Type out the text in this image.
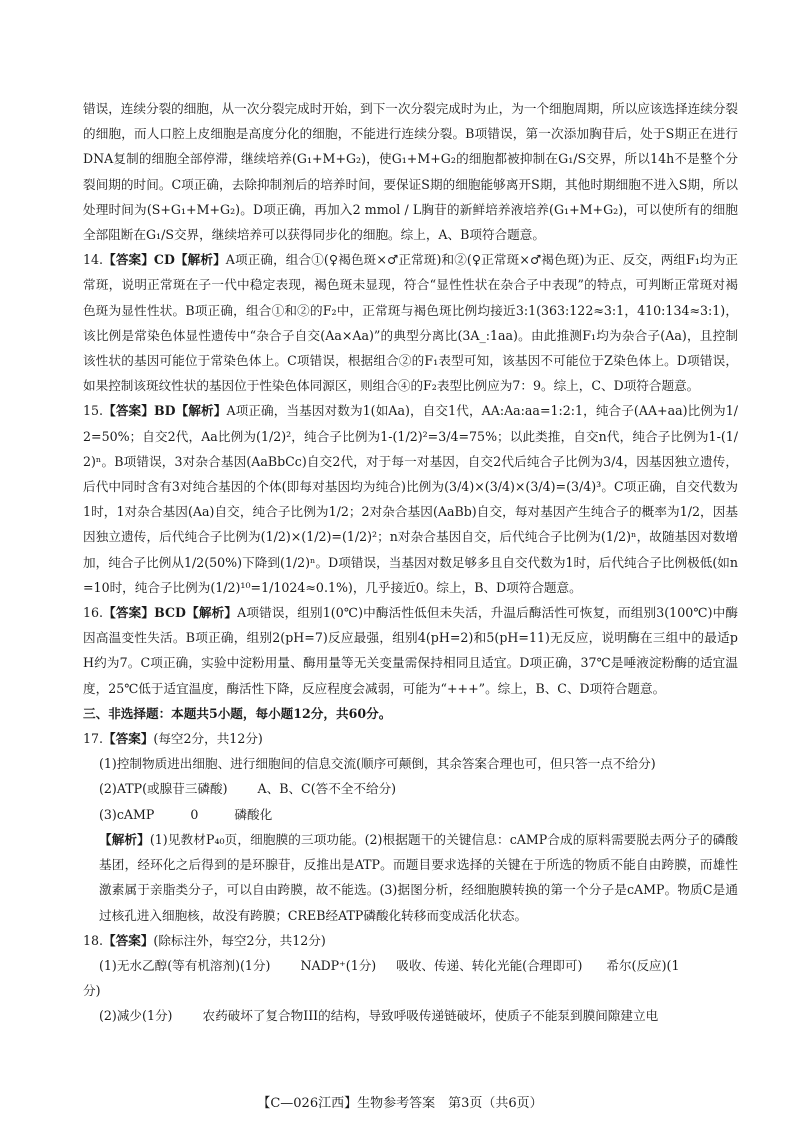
错误，连续分裂的细胞，从一次分裂完成时开始，到下一次分裂完成时为止，为一个细胞周期，所以应该选择连续分裂的细胞，而人口腔上皮细胞是高度分化的细胞，不能进行连续分裂。B项错误，第一次添加胸苷后，处于S期正在进行DNA复制的细胞全部停滞，继续培养(G₁+M+G₂)，使G₁+M+G₂的细胞都被抑制在G₁/S交界，所以14h不是整个分裂间期的时间。C项正确，去除抑制剂后的培养时间，要保证S期的细胞能够离开S期，其他时期细胞不进入S期，所以处理时间为(S+G₁+M+G₂)。D项正确，再加入2 mmol / L胸苷的新鲜培养液培养(G₁+M+G₂)，可以使所有的细胞全部阻断在G₁/S交界，继续培养可以获得同步化的细胞。综上，A、B项符合题意。

14.【答案】CD【解析】A项正确，组合①(♀褐色斑×♂正常斑)和②(♀正常斑×♂褐色斑)为正、反交，两组F₁均为正常斑，说明正常斑在子一代中稳定表现，褐色斑未显现，符合“显性性状在杂合子中表现”的特点，可判断正常斑对褐色斑为显性性状。B项正确，组合①和②的F₂中，正常斑与褐色斑比例均接近3:1(363:122≈3:1，410:134≈3:1)，该比例是常染色体显性遗传中“杂合子自交(Aa×Aa)”的典型分离比(3A_:1aa)。由此推测F₁均为杂合子(Aa)，且控制该性状的基因可能位于常染色体上。C项错误，根据组合②的F₁表型可知，该基因不可能位于Z染色体上。D项错误，如果控制该斑纹性状的基因位于性染色体同源区，则组合④的F₂表型比例应为7：9。综上，C、D项符合题意。

15.【答案】BD【解析】A项正确，当基因对数为1(如Aa)，自交1代，AA:Aa:aa=1:2:1，纯合子(AA+aa)比例为1/2=50%；自交2代，Aa比例为(1/2)²，纯合子比例为1-(1/2)²=3/4=75%；以此类推，自交n代，纯合子比例为1-(1/2)ⁿ。B项错误，3对杂合基因(AaBbCc)自交2代，对于每一对基因，自交2代后纯合子比例为3/4，因基因独立遗传，后代中同时含有3对纯合基因的个体(即每对基因均为纯合)比例为(3/4)×(3/4)×(3/4)=(3/4)³。C项正确，自交代数为1时，1对杂合基因(Aa)自交，纯合子比例为1/2；2对杂合基因(AaBb)自交，每对基因产生纯合子的概率为1/2，因基因独立遗传，后代纯合子比例为(1/2)×(1/2)=(1/2)²；n对杂合基因自交，后代纯合子比例为(1/2)ⁿ，故随基因对数增加，纯合子比例从1/2(50%)下降到(1/2)ⁿ。D项错误，当基因对数足够多且自交代数为1时，后代纯合子比例极低(如n=10时，纯合子比例为(1/2)¹⁰=1/1024≈0.1%)，几乎接近0。综上，B、D项符合题意。

16.【答案】BCD【解析】A项错误，组别1(0℃)中酶活性低但未失活，升温后酶活性可恢复，而组别3(100℃)中酶因高温变性失活。B项正确，组别2(pH=7)反应最强，组别4(pH=2)和5(pH=11)无反应，说明酶在三组中的最适pH约为7。C项正确，实验中淀粉用量、酶用量等无关变量需保持相同且适宜。D项正确，37℃是唾液淀粉酶的适宜温度，25℃低于适宜温度，酶活性下降，反应程度会减弱，可能为“+++”。综上，B、C、D项符合题意。

三、非选择题：本题共5小题，每小题12分，共60分。

17.【答案】(每空2分，共12分)

(1)控制物质进出细胞、进行细胞间的信息交流(顺序可颠倒，其余答案合理也可，但只答一点不给分)

(2)ATP(或腺苷三磷酸) A、B、C(答不全不给分)

(3)cAMP	0	磷酸化

【解析】(1)见教材P₄₀页，细胞膜的三项功能。(2)根据题干的关键信息：cAMP合成的原料需要脱去两分子的磷酸基团，经环化之后得到的是环腺苷，反推出是ATP。而题目要求选择的关键在于所选的物质不能自由跨膜，而雄性激素属于亲脂类分子，可以自由跨膜，故不能选。(3)据图分析，经细胞膜转换的第一个分子是cAMP。物质C是通过核孔进入细胞核，故没有跨膜；CREB经ATP磷酸化转移而变成活化状态。

18.【答案】(除标注外，每空2分，共12分)

(1)无水乙醇(等有机溶剂)(1分) NADP⁺(1分) 吸收、传递、转化光能(合理即可) 希尔(反应)(1

分)

(2)减少(1分) 农药破坏了复合物III的结构，导致呼吸传递链破坏，使质子不能泵到膜间隙建立电

【C—026江西】生物参考答案　第3页（共6页）
